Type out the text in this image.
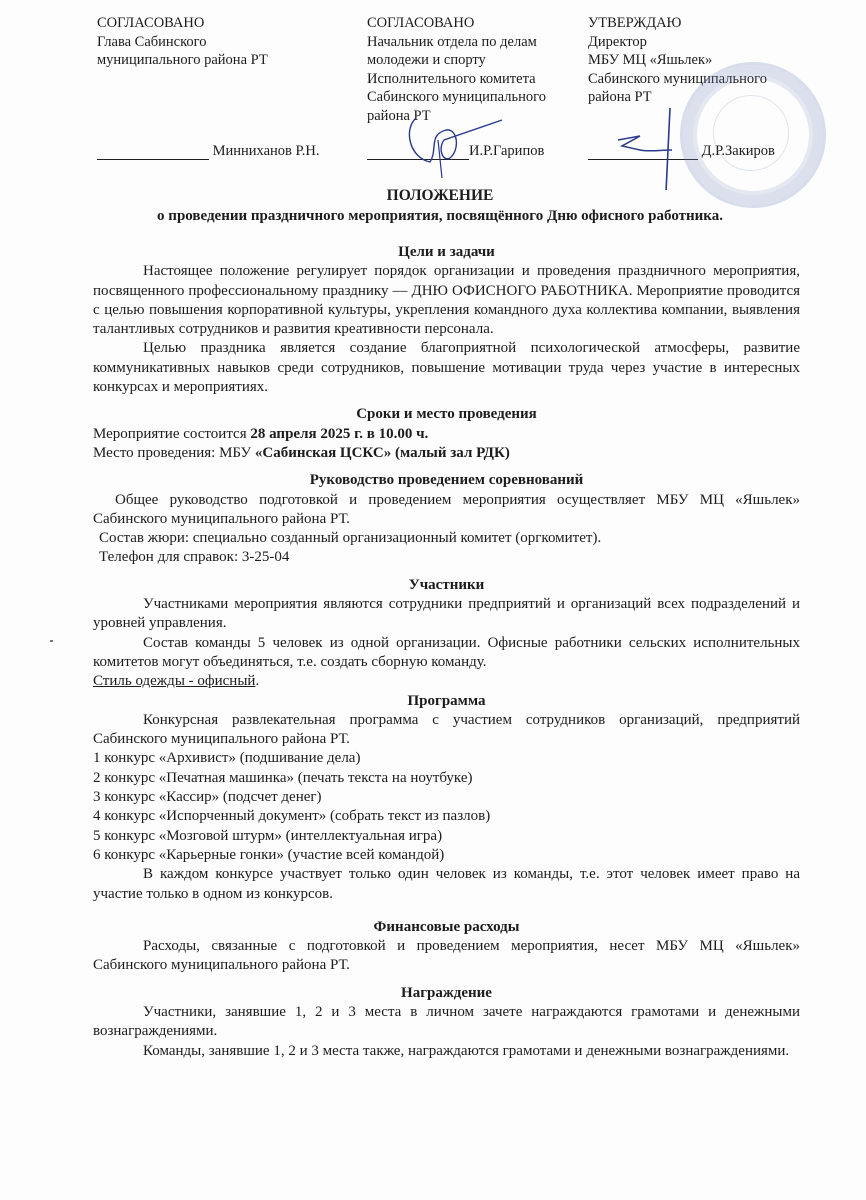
СОГЛАСОВАНО
Глава Сабинского
муниципального района РТ
СОГЛАСОВАНО
Начальник отдела по делам
молодежи и спорту
Исполнительного комитета
Сабинского муниципального
района РТ
УТВЕРЖДАЮ
Директор
МБУ МЦ «Яшьлек»
Сабинского муниципального
района РТ
Минниханов Р.Н.	И.Р.Гарипов	Д.Р.Закиров
ПОЛОЖЕНИЕ
о проведении праздничного мероприятия, посвящённого Дню офисного работника.

Цели и задачи

Настоящее положение регулирует порядок организации и проведения праздничного мероприятия, посвященного профессиональному празднику — ДНЮ ОФИСНОГО РАБОТНИКА. Мероприятие проводится с целью повышения корпоративной культуры, укрепления командного духа коллектива компании, выявления талантливых сотрудников и развития креативности персонала.

Целью праздника является создание благоприятной психологической атмосферы, развитие коммуникативных навыков среди сотрудников, повышение мотивации труда через участие в интересных конкурсах и мероприятиях.

Сроки и место проведения

Мероприятие состоится 28 апреля 2025 г. в 10.00 ч.

Место проведения: МБУ «Сабинская ЦСКС» (малый зал РДК)

Руководство проведением соревнований

Общее руководство подготовкой и проведением мероприятия осуществляет МБУ МЦ «Яшьлек» Сабинского муниципального района РТ.

Состав жюри: специально созданный организационный комитет (оргкомитет).

Телефон для справок: 3-25-04

Участники

Участниками мероприятия являются сотрудники предприятий и организаций всех подразделений и уровней управления.

Состав команды 5 человек из одной организации. Офисные работники сельских исполнительных комитетов могут объединяться, т.е. создать сборную команду.

Стиль одежды - офисный.

Программа

Конкурсная развлекательная программа с участием сотрудников организаций, предприятий Сабинского муниципального района РТ.

1 конкурс «Архивист» (подшивание дела)

2 конкурс «Печатная машинка» (печать текста на ноутбуке)

3 конкурс «Кассир» (подсчет денег)

4 конкурс «Испорченный документ» (собрать текст из пазлов)

5 конкурс «Мозговой штурм» (интеллектуальная игра)

6 конкурс «Карьерные гонки» (участие всей командой)

В каждом конкурсе участвует только один человек из команды, т.е. этот человек имеет право на участие только в одном из конкурсов.

Финансовые расходы

Расходы, связанные с подготовкой и проведением мероприятия, несет МБУ МЦ «Яшьлек» Сабинского муниципального района РТ.

Награждение

Участники, занявшие 1, 2 и 3 места в личном зачете награждаются грамотами и денежными вознаграждениями.

Команды, занявшие 1, 2 и 3 места также, награждаются грамотами и денежными вознаграждениями.
